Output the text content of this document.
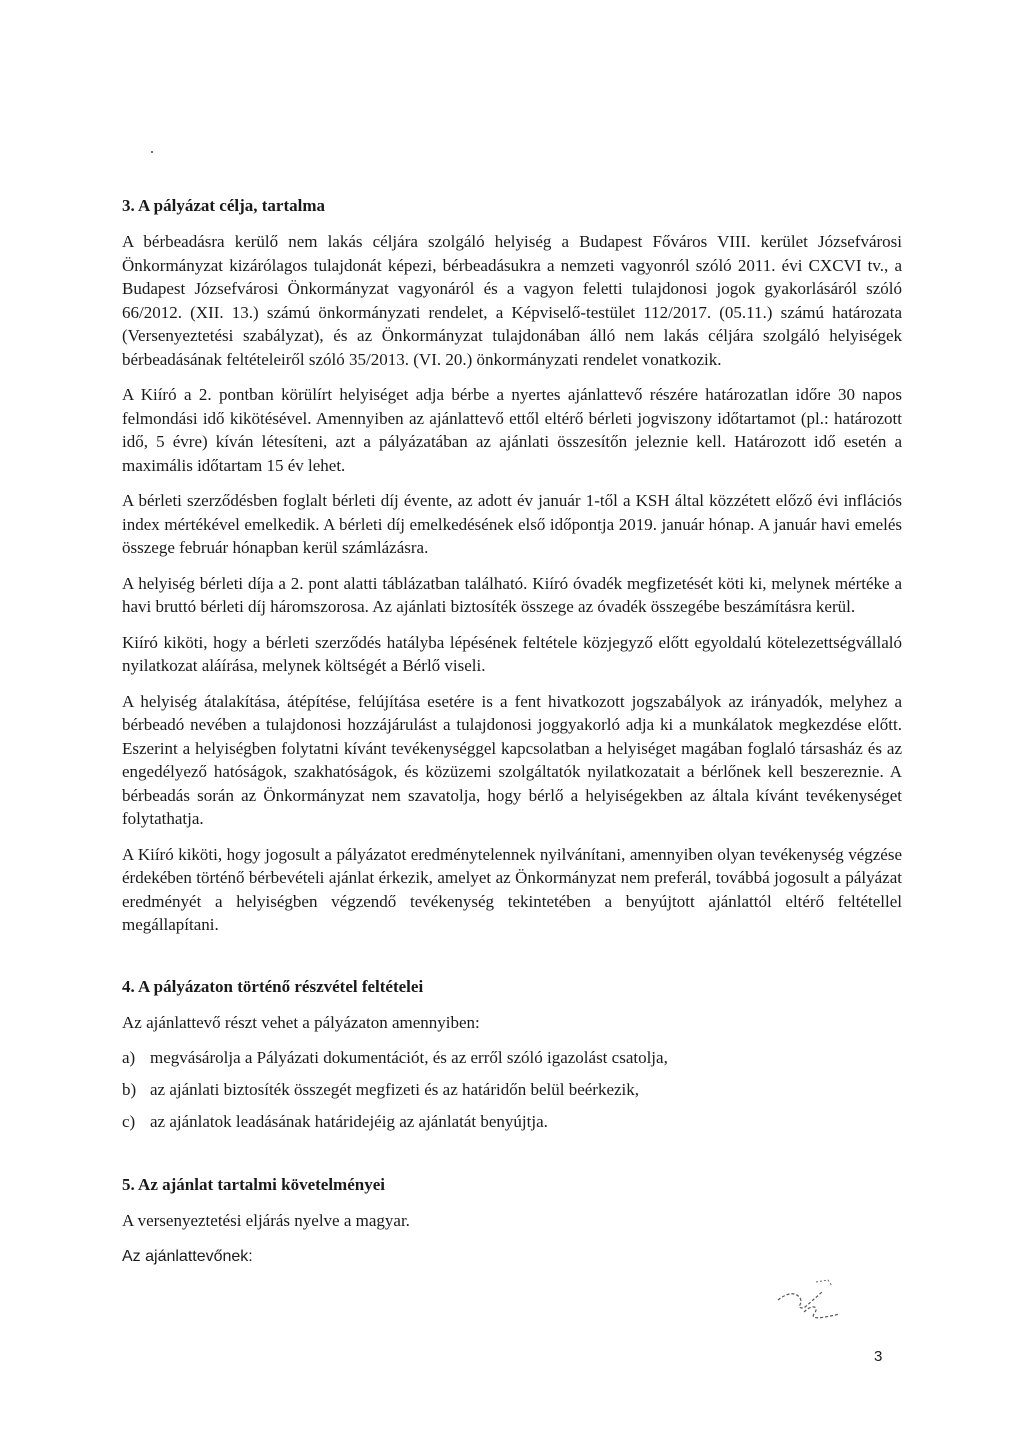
3. A pályázat célja, tartalma

A bérbeadásra kerülő nem lakás céljára szolgáló helyiség a Budapest Főváros VIII. kerület Józsefvárosi Önkormányzat kizárólagos tulajdonát képezi, bérbeadásukra a nemzeti vagyonról szóló 2011. évi CXCVI tv., a Budapest Józsefvárosi Önkormányzat vagyonáról és a vagyon feletti tulajdonosi jogok gyakorlásáról szóló 66/2012. (XII. 13.) számú önkormányzati rendelet, a Képviselő-testület 112/2017. (05.11.) számú határozata (Versenyeztetési szabályzat), és az Önkormányzat tulajdonában álló nem lakás céljára szolgáló helyiségek bérbeadásának feltételeiről szóló 35/2013. (VI. 20.) önkormányzati rendelet vonatkozik.

A Kiíró a 2. pontban körülírt helyiséget adja bérbe a nyertes ajánlattevő részére határozatlan időre 30 napos felmondási idő kikötésével. Amennyiben az ajánlattevő ettől eltérő bérleti jogviszony időtartamot (pl.: határozott idő, 5 évre) kíván létesíteni, azt a pályázatában az ajánlati összesítőn jeleznie kell. Határozott idő esetén a maximális időtartam 15 év lehet.

A bérleti szerződésben foglalt bérleti díj évente, az adott év január 1-től a KSH által közzétett előző évi inflációs index mértékével emelkedik. A bérleti díj emelkedésének első időpontja 2019. január hónap. A január havi emelés összege február hónapban kerül számlázásra.

A helyiség bérleti díja a 2. pont alatti táblázatban található. Kiíró óvadék megfizetését köti ki, melynek mértéke a havi bruttó bérleti díj háromszorosa. Az ajánlati biztosíték összege az óvadék összegébe beszámításra kerül.

Kiíró kiköti, hogy a bérleti szerződés hatályba lépésének feltétele közjegyző előtt egyoldalú kötelezettségvállaló nyilatkozat aláírása, melynek költségét a Bérlő viseli.

A helyiség átalakítása, átépítése, felújítása esetére is a fent hivatkozott jogszabályok az irányadók, melyhez a bérbeadó nevében a tulajdonosi hozzájárulást a tulajdonosi joggyakorló adja ki a munkálatok megkezdése előtt. Eszerint a helyiségben folytatni kívánt tevékenységgel kapcsolatban a helyiséget magában foglaló társasház és az engedélyező hatóságok, szakhatóságok, és közüzemi szolgáltatók nyilatkozatait a bérlőnek kell beszereznie. A bérbeadás során az Önkormányzat nem szavatolja, hogy bérlő a helyiségekben az általa kívánt tevékenységet folytathatja.

A Kiíró kiköti, hogy jogosult a pályázatot eredménytelennek nyilvánítani, amennyiben olyan tevékenység végzése érdekében történő bérbevételi ajánlat érkezik, amelyet az Önkormányzat nem preferál, továbbá jogosult a pályázat eredményét a helyiségben végzendő tevékenység tekintetében a benyújtott ajánlattól eltérő feltétellel megállapítani.

4. A pályázaton történő részvétel feltételei

Az ajánlattevő részt vehet a pályázaton amennyiben:

a) megvásárolja a Pályázati dokumentációt, és az erről szóló igazolást csatolja,
b) az ajánlati biztosíték összegét megfizeti és az határidőn belül beérkezik,
c) az ajánlatok leadásának határidejéig az ajánlatát benyújtja.
5. Az ajánlat tartalmi követelményei

A versenyeztetési eljárás nyelve a magyar.

Az ajánlattevőnek:

3
